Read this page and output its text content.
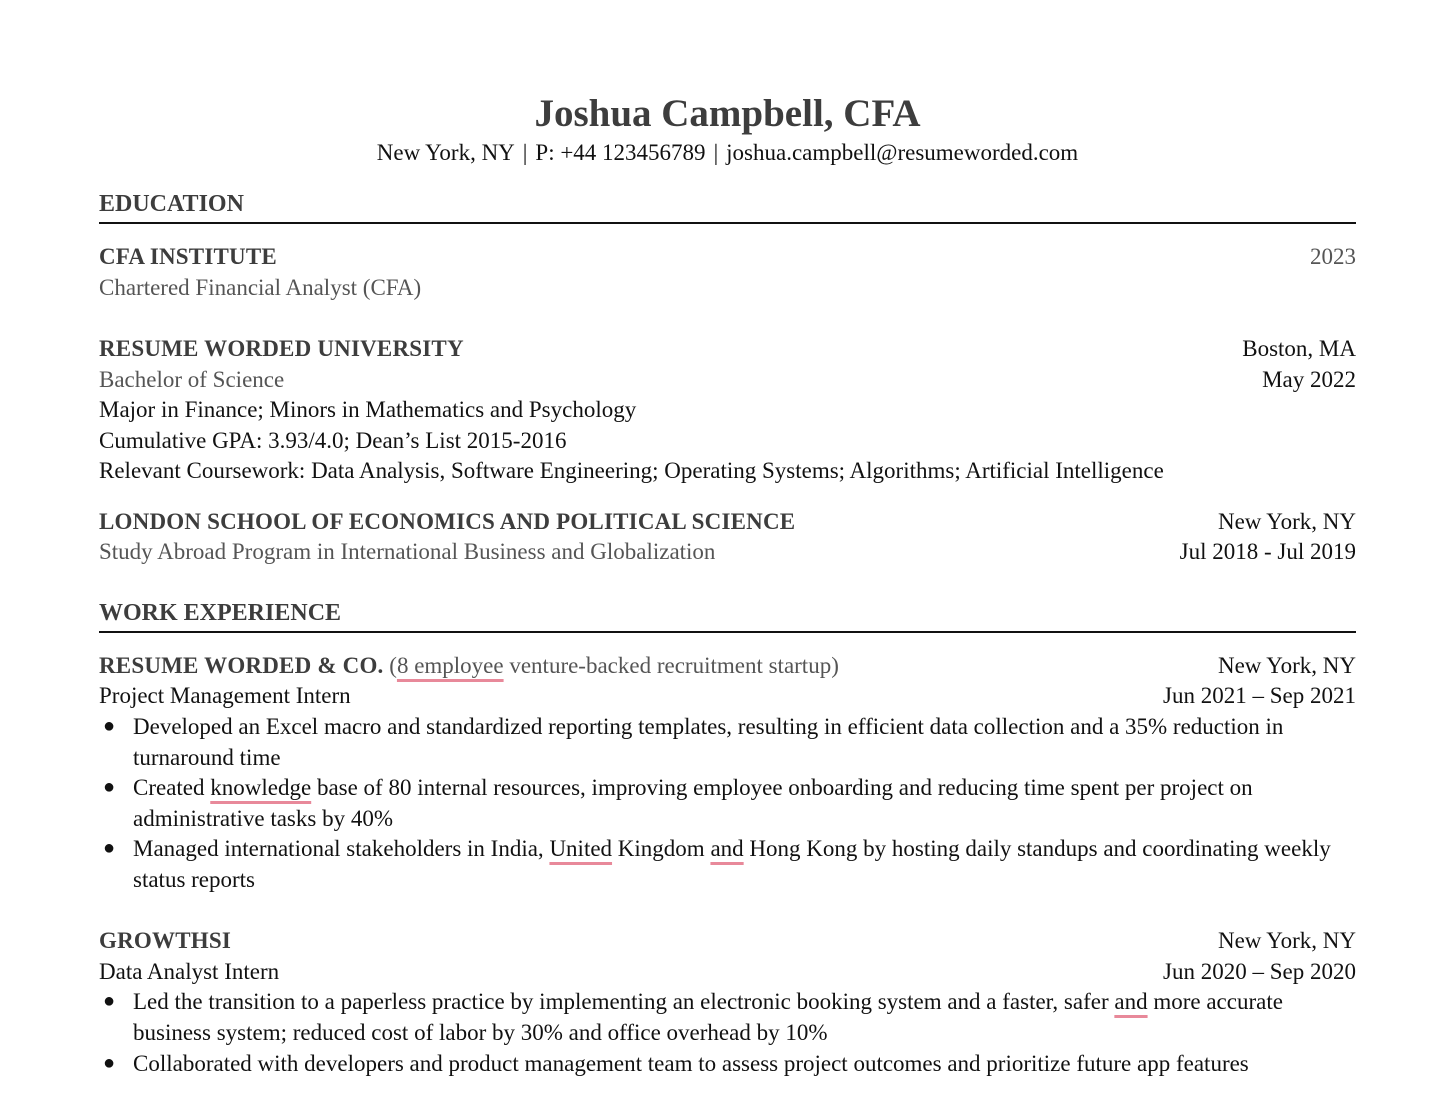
Joshua Campbell, CFA
New York, NY | P: +44 123456789 | joshua.campbell@resumeworded.com
EDUCATION
CFA INSTITUTE	2023
Chartered Financial Analyst (CFA)
RESUME WORDED UNIVERSITY	Boston, MA
Bachelor of Science	May 2022
Major in Finance; Minors in Mathematics and Psychology
Cumulative GPA: 3.93/4.0; Dean’s List 2015-2016
Relevant Coursework: Data Analysis, Software Engineering; Operating Systems; Algorithms; Artificial Intelligence
LONDON SCHOOL OF ECONOMICS AND POLITICAL SCIENCE	New York, NY
Study Abroad Program in International Business and Globalization	Jul 2018 - Jul 2019
WORK EXPERIENCE
RESUME WORDED & CO. (8 employee venture-backed recruitment startup)	New York, NY
Project Management Intern	Jun 2021 – Sep 2021
● Developed an Excel macro and standardized reporting templates, resulting in efficient data collection and a 35% reduction in turnaround time
● Created knowledge base of 80 internal resources, improving employee onboarding and reducing time spent per project on administrative tasks by 40%
● Managed international stakeholders in India, United Kingdom and Hong Kong by hosting daily standups and coordinating weekly status reports
GROWTHSI	New York, NY
Data Analyst Intern	Jun 2020 – Sep 2020
● Led the transition to a paperless practice by implementing an electronic booking system and a faster, safer and more accurate business system; reduced cost of labor by 30% and office overhead by 10%
● Collaborated with developers and product management team to assess project outcomes and prioritize future app features
